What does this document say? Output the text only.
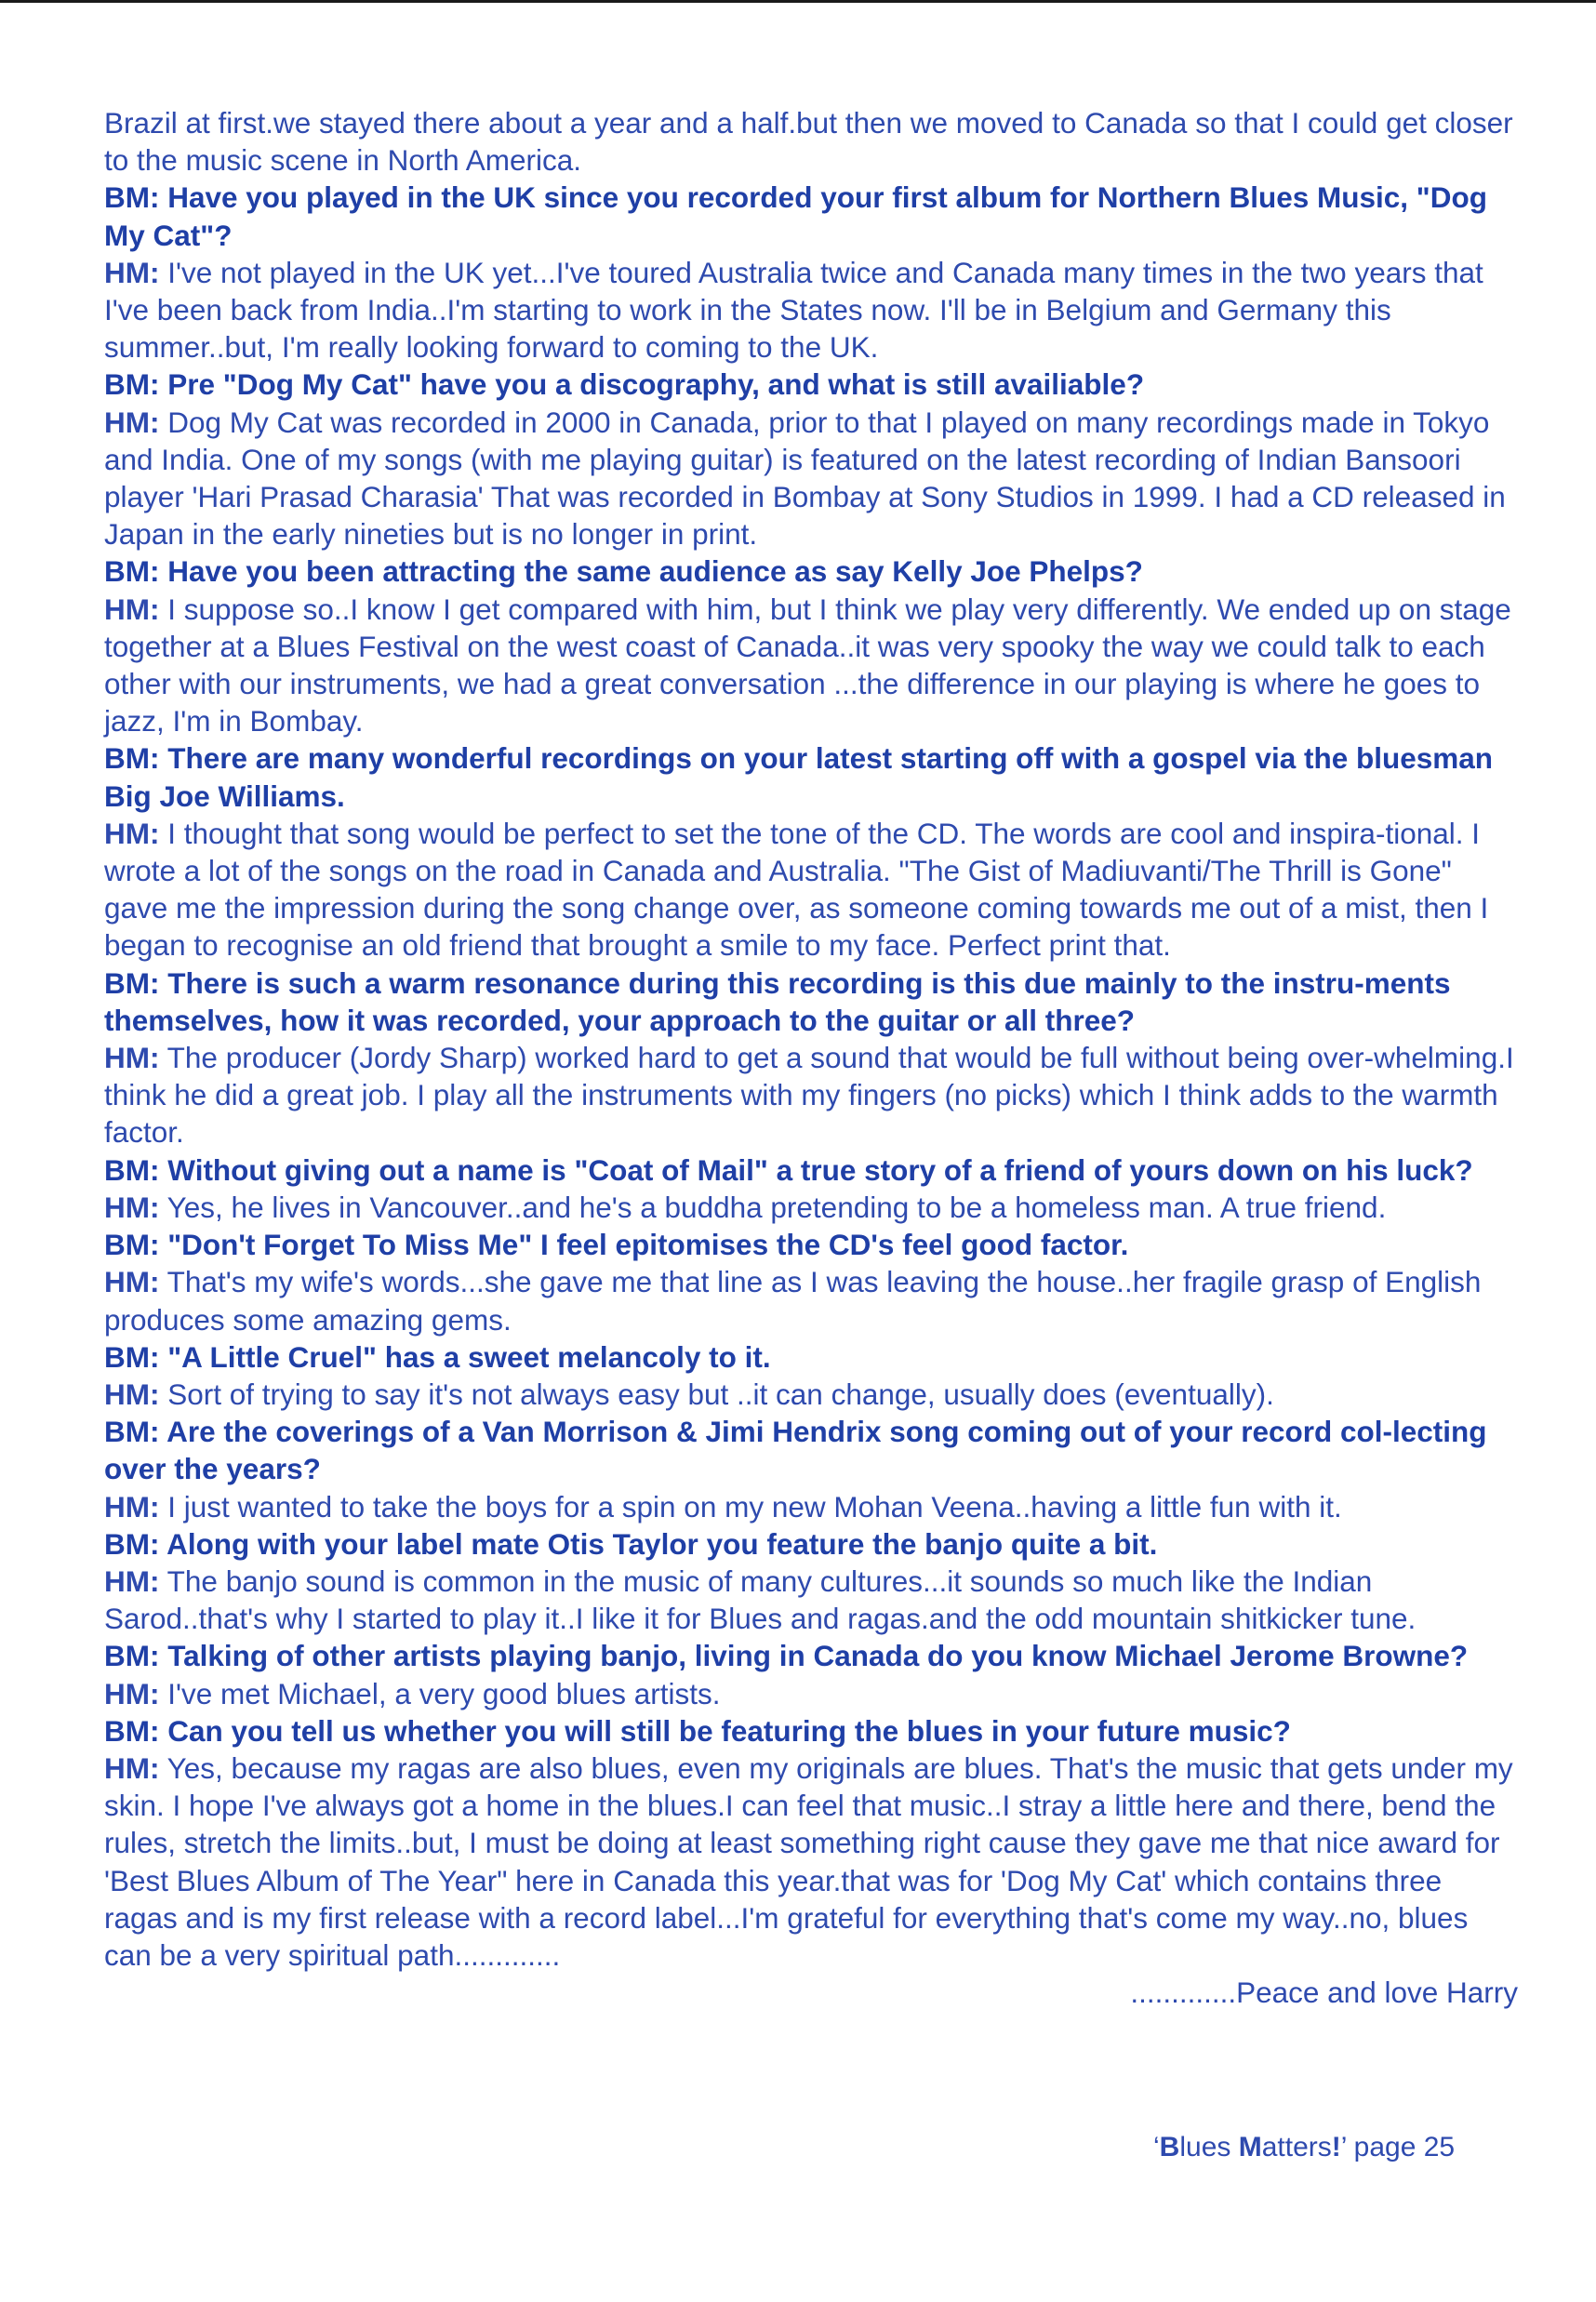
Brazil at first.we stayed there about a year and a half.but then we moved to Canada so that I could get closer to the music scene in North America.

BM: Have you played in the UK since you recorded your first album for Northern Blues Music, "Dog My Cat"?

HM: I've not played in the UK yet...I've toured Australia twice and Canada many times in the two years that I've been back from India..I'm starting to work in the States now. I'll be in Belgium and Germany this summer..but, I'm really looking forward to coming to the UK.

BM: Pre "Dog My Cat" have you a discography, and what is still availiable?

HM: Dog My Cat was recorded in 2000 in Canada, prior to that I played on many recordings made in Tokyo and India. One of my songs (with me playing guitar) is featured on the latest recording of Indian Bansoori player 'Hari Prasad Charasia' That was recorded in Bombay at Sony Studios in 1999. I had a CD released in Japan in the early nineties but is no longer in print.

BM: Have you been attracting the same audience as say Kelly Joe Phelps?

HM: I suppose so..I know I get compared with him, but I think we play very differently. We ended up on stage together at a Blues Festival on the west coast of Canada..it was very spooky the way we could talk to each other with our instruments, we had a great conversation ...the difference in our playing is where he goes to jazz, I'm in Bombay.

BM: There are many wonderful recordings on your latest starting off with a gospel via the bluesman Big Joe Williams.

HM: I thought that song would be perfect to set the tone of the CD. The words are cool and inspira-tional. I wrote a lot of the songs on the road in Canada and Australia. "The Gist of Madiuvanti/The Thrill is Gone" gave me the impression during the song change over, as someone coming towards me out of a mist, then I began to recognise an old friend that brought a smile to my face. Perfect print that.

BM: There is such a warm resonance during this recording is this due mainly to the instru-ments themselves, how it was recorded, your approach to the guitar or all three?

HM: The producer (Jordy Sharp) worked hard to get a sound that would be full without being over-whelming.I think he did a great job. I play all the instruments with my fingers (no picks) which I think adds to the warmth factor.

BM: Without giving out a name is "Coat of Mail" a true story of a friend of yours down on his luck?

HM: Yes, he lives in Vancouver..and he's a buddha pretending to be a homeless man. A true friend.

BM: "Don't Forget To Miss Me" I feel epitomises the CD's feel good factor.

HM: That's my wife's words...she gave me that line as I was leaving the house..her fragile grasp of English produces some amazing gems.

BM: "A Little Cruel" has a sweet melancoly to it.

HM: Sort of trying to say it's not always easy but ..it can change, usually does (eventually).

BM: Are the coverings of a Van Morrison & Jimi Hendrix song coming out of your record col-lecting over the years?

HM: I just wanted to take the boys for a spin on my new Mohan Veena..having a little fun with it.

BM: Along with your label mate Otis Taylor you feature the banjo quite a bit.

HM: The banjo sound is common in the music of many cultures...it sounds so much like the Indian Sarod..that's why I started to play it..I like it for Blues and ragas.and the odd mountain shitkicker tune.

BM: Talking of other artists playing banjo, living in Canada do you know Michael Jerome Browne?

HM: I've met Michael, a very good blues artists.

BM: Can you tell us whether you will still be featuring the blues in your future music?

HM: Yes, because my ragas are also blues, even my originals are blues. That's the music that gets under my skin. I hope I've always got a home in the blues.I can feel that music..I stray a little here and there, bend the rules, stretch the limits..but, I must be doing at least something right cause they gave me that nice award for 'Best Blues Album of The Year" here in Canada this year.that was for 'Dog My Cat' which contains three ragas and is my first release with a record label...I'm grateful for everything that's come my way..no, blues can be a very spiritual path.............

.............Peace and love Harry

‘Blues Matters!’ page 25
